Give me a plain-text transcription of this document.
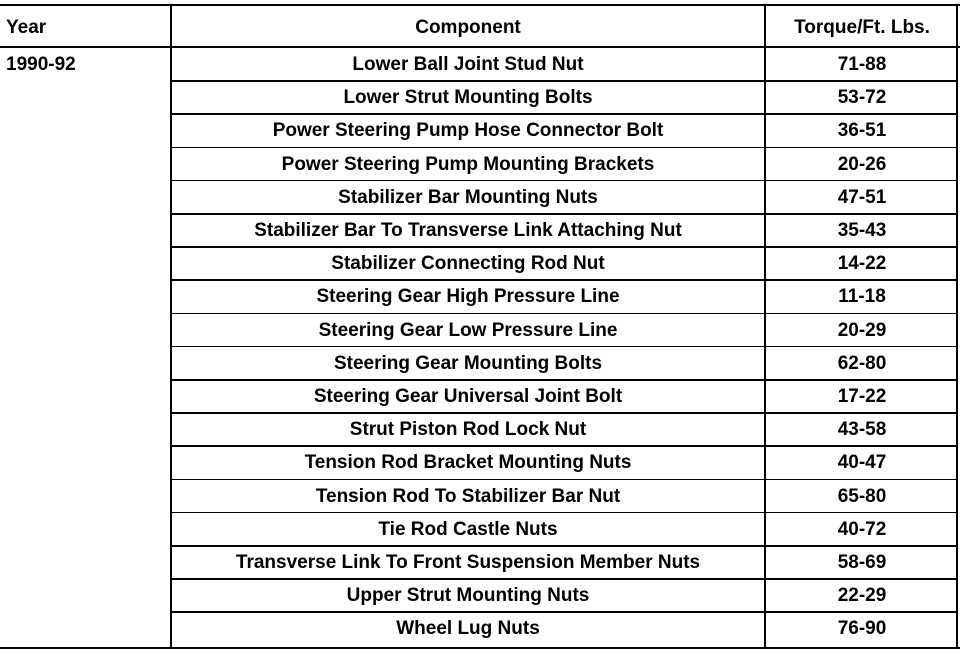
Year	Component	Torque/Ft. Lbs.
1990-92	Lower Ball Joint Stud Nut	71-88
Lower Strut Mounting Bolts	53-72
Power Steering Pump Hose Connector Bolt	36-51
Power Steering Pump Mounting Brackets	20-26
Stabilizer Bar Mounting Nuts	47-51
Stabilizer Bar To Transverse Link Attaching Nut	35-43
Stabilizer Connecting Rod Nut	14-22
Steering Gear High Pressure Line	11-18
Steering Gear Low Pressure Line	20-29
Steering Gear Mounting Bolts	62-80
Steering Gear Universal Joint Bolt	17-22
Strut Piston Rod Lock Nut	43-58
Tension Rod Bracket Mounting Nuts	40-47
Tension Rod To Stabilizer Bar Nut	65-80
Tie Rod Castle Nuts	40-72
Transverse Link To Front Suspension Member Nuts	58-69
Upper Strut Mounting Nuts	22-29
Wheel Lug Nuts	76-90
